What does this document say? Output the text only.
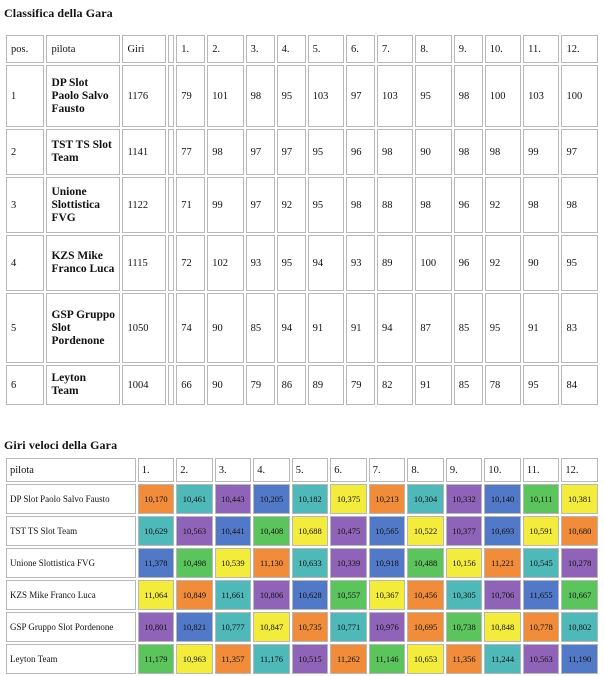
Classifica della Gara
pos.	pilota	Giri		1.	2.	3.	4.	5.	6.	7.	8.	9.	10.	11.	12.
1	DP Slot Paolo Salvo Fausto	1176		79	101	98	95	103	97	103	95	98	100	103	100
2	TST TS Slot Team	1141		77	98	97	97	95	96	98	90	98	98	99	97
3	Unione Slottistica FVG	1122		71	99	97	92	95	98	88	98	96	92	98	98
4	KZS Mike Franco Luca	1115		72	102	93	95	94	93	89	100	96	92	90	95
5	GSP Gruppo Slot Pordenone	1050		74	90	85	94	91	91	94	87	85	95	91	83
6	Leyton Team	1004		66	90	79	86	89	79	82	91	85	78	95	84
Giri veloci della Gara
pilota	1.	2.	3.	4.	5.	6.	7.	8.	9.	10.	11.	12.
DP Slot Paolo Salvo Fausto	10,170	10,461	10,443	10,205	10,182	10,375	10,213	10,304	10,332	10,140	10,111	10,381
TST TS Slot Team	10,629	10,563	10,441	10,408	10,688	10,475	10,565	10,522	10,377	10,693	10,591	10,680
Unione Slottistica FVG	11,378	10,498	10,539	11,130	10,633	10,339	10,918	10,488	10,156	11,221	10,545	10,278
KZS Mike Franco Luca	11,064	10,849	11,661	10,806	10,628	10,557	10,367	10,456	10,305	10,706	11,655	10,667
GSP Gruppo Slot Pordenone	10,801	10,821	10,777	10,847	10,735	10,771	10,976	10,695	10,738	10,848	10,778	10,802
Leyton Team	11,179	10,963	11,357	11,176	10,515	11,262	11,146	10,653	11,356	11,244	10,563	11,190
